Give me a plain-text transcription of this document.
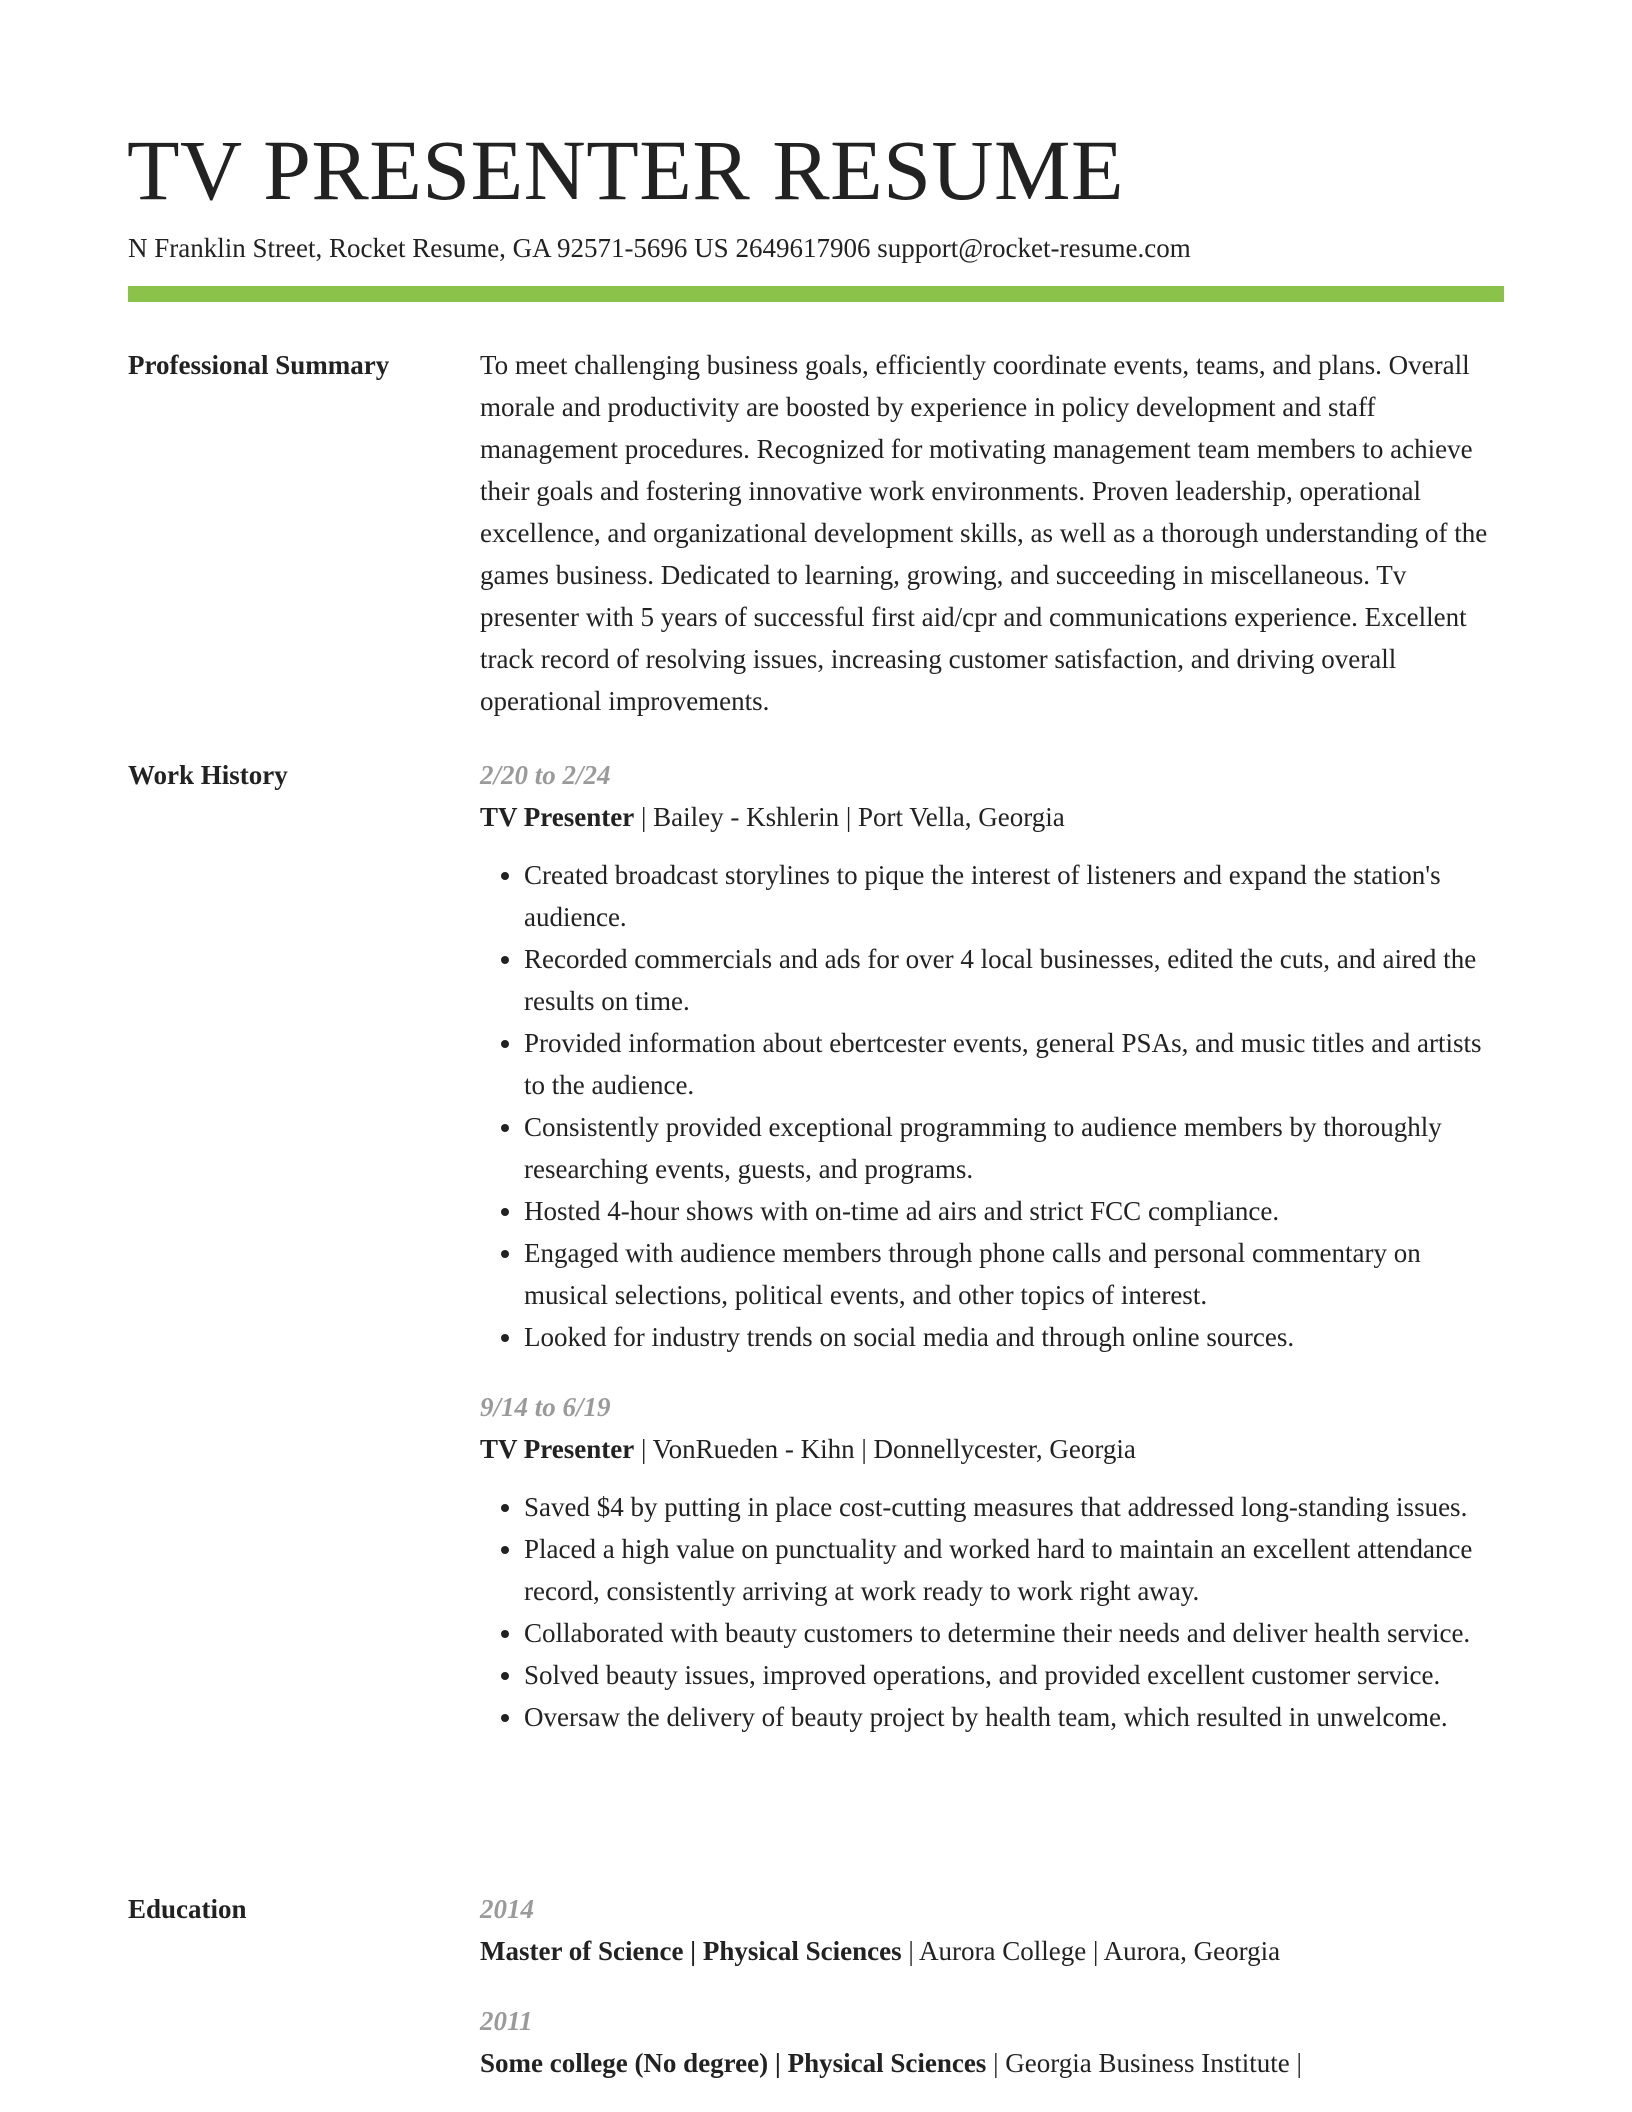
TV PRESENTER RESUME
N Franklin Street, Rocket Resume, GA 92571-5696 US 2649617906 support@rocket-resume.com
Professional Summary	To meet challenging business goals, efficiently coordinate events, teams, and plans. Overall morale and productivity are boosted by experience in policy development and staff management procedures. Recognized for motivating management team members to achieve their goals and fostering innovative work environments. Proven leadership, operational excellence, and organizational development skills, as well as a thorough understanding of the games business. Dedicated to learning, growing, and succeeding in miscellaneous. Tv presenter with 5 years of successful first aid/cpr and communications experience. Excellent track record of resolving issues, increasing customer satisfaction, and driving overall operational improvements.

Work History	2/20 to 2/24
TV Presenter | Bailey - Kshlerin | Port Vella, Georgia
• Created broadcast storylines to pique the interest of listeners and expand the station's audience.
• Recorded commercials and ads for over 4 local businesses, edited the cuts, and aired the results on time.
• Provided information about ebertcester events, general PSAs, and music titles and artists to the audience.
• Consistently provided exceptional programming to audience members by thoroughly researching events, guests, and programs.
• Hosted 4-hour shows with on-time ad airs and strict FCC compliance.
• Engaged with audience members through phone calls and personal commentary on musical selections, political events, and other topics of interest.
• Looked for industry trends on social media and through online sources.
9/14 to 6/19
TV Presenter | VonRueden - Kihn | Donnellycester, Georgia
• Saved $4 by putting in place cost-cutting measures that addressed long-standing issues.
• Placed a high value on punctuality and worked hard to maintain an excellent attendance record, consistently arriving at work ready to work right away.
• Collaborated with beauty customers to determine their needs and deliver health service.
• Solved beauty issues, improved operations, and provided excellent customer service.
• Oversaw the delivery of beauty project by health team, which resulted in unwelcome.
Education	2014
Master of Science | Physical Sciences | Aurora College | Aurora, Georgia
2011
Some college (No degree) | Physical Sciences | Georgia Business Institute |
